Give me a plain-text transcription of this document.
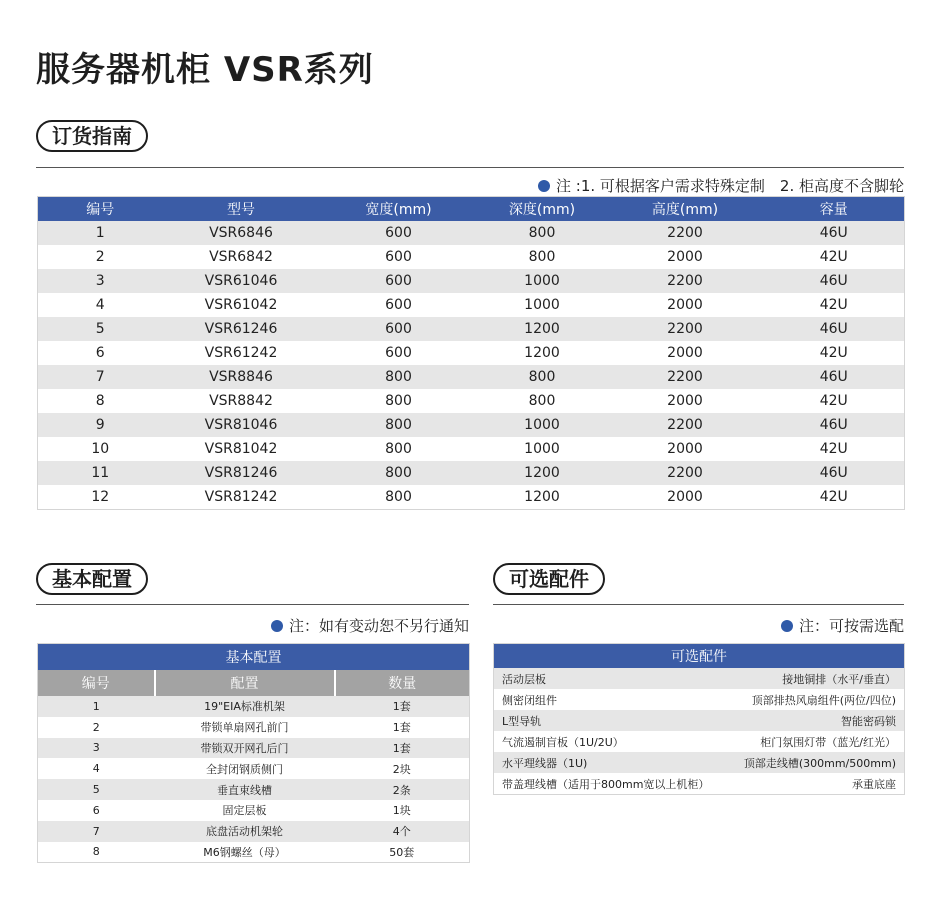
服务器机柜 VSR系列
订货指南
注 :1. 可根据客户需求特殊定制　2. 柜高度不含脚轮
编号	型号	宽度(mm)	深度(mm)	高度(mm)	容量
1	VSR6846	600	800	2200	46U
2	VSR6842	600	800	2000	42U
3	VSR61046	600	1000	2200	46U
4	VSR61042	600	1000	2000	42U
5	VSR61246	600	1200	2200	46U
6	VSR61242	600	1200	2000	42U
7	VSR8846	800	800	2200	46U
8	VSR8842	800	800	2000	42U
9	VSR81046	800	1000	2200	46U
10	VSR81042	800	1000	2000	42U
11	VSR81246	800	1200	2200	46U
12	VSR81242	800	1200	2000	42U
基本配置
注：如有变动恕不另行通知
基本配置		
编号	配置	数量
1	19"EIA标准机架	1套
2	带锁单扇网孔前门	1套
3	带锁双开网孔后门	1套
4	全封闭钢质侧门	2块
5	垂直束线槽	2条
6	固定层板	1块
7	底盘活动机架轮	4个
8	M6钢螺丝（母）	50套
可选配件
注：可按需选配
可选配件	
活动层板	接地铜排（水平/垂直）
侧密闭组件	顶部排热风扇组件(两位/四位)
L型导轨	智能密码锁
气流遏制盲板（1U/2U）	柜门氛围灯带（蓝光/红光）
水平理线器（1U)	顶部走线槽(300mm/500mm)
带盖理线槽（适用于800mm宽以上机柜）	承重底座
